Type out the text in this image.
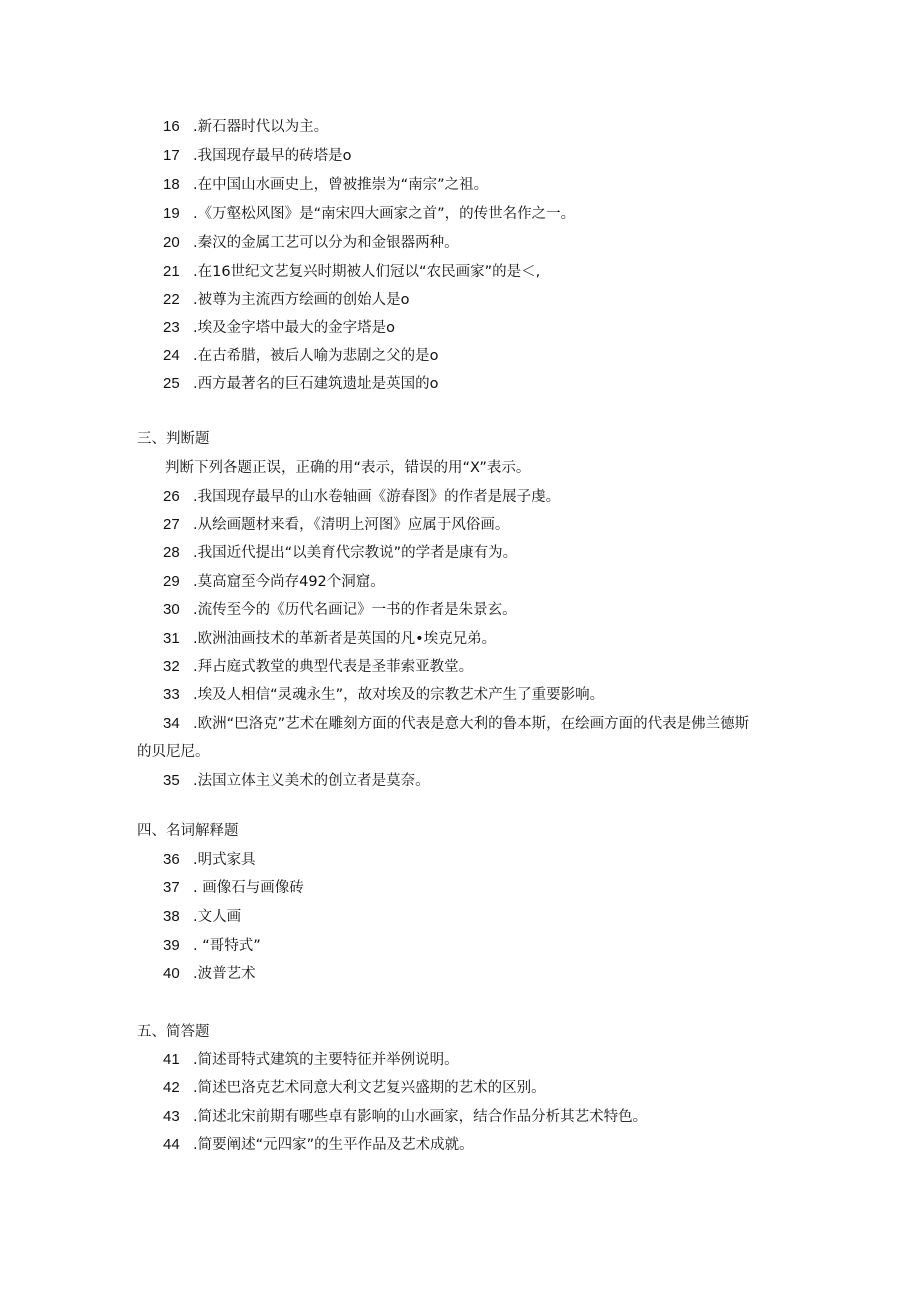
16 .新石器时代以为主。
17 .我国现存最早的砖塔是o
18 .在中国山水画史上，曾被推崇为“南宗”之祖。
19 .《万壑松风图》是“南宋四大画家之首”，的传世名作之一。
20 .秦汉的金属工艺可以分为和金银器两种。
21 .在16世纪文艺复兴时期被人们冠以“农民画家”的是＜,
22 .被尊为主流西方绘画的创始人是o
23 .埃及金字塔中最大的金字塔是o
24 .在古希腊，被后人喻为悲剧之父的是o
25 .西方最著名的巨石建筑遗址是英国的o
三、判断题
判断下列各题正误，正确的用“表示，错误的用“X”表示。
26 .我国现存最早的山水卷轴画《游春图》的作者是展子虔。
27 .从绘画题材来看，《清明上河图》应属于风俗画。
28 .我国近代提出“以美育代宗教说”的学者是康有为。
29 .莫高窟至今尚存492个洞窟。
30 .流传至今的《历代名画记》一书的作者是朱景玄。
31 .欧洲油画技术的革新者是英国的凡•埃克兄弟。
32 .拜占庭式教堂的典型代表是圣菲索亚教堂。
33 .埃及人相信“灵魂永生”，故对埃及的宗教艺术产生了重要影响。
34 .欧洲“巴洛克”艺术在雕刻方面的代表是意大利的鲁本斯，在绘画方面的代表是佛兰德斯
的贝尼尼。
35 .法国立体主义美术的创立者是莫奈。
四、名词解释题
36 .明式家具
37 . 画像石与画像砖
38 .文人画
39 . “哥特式”
40 .波普艺术
五、简答题
41 .简述哥特式建筑的主要特征并举例说明。
42 .简述巴洛克艺术同意大利文艺复兴盛期的艺术的区别。
43 .简述北宋前期有哪些卓有影响的山水画家，结合作品分析其艺术特色。
44 .简要阐述“元四家”的生平作品及艺术成就。
